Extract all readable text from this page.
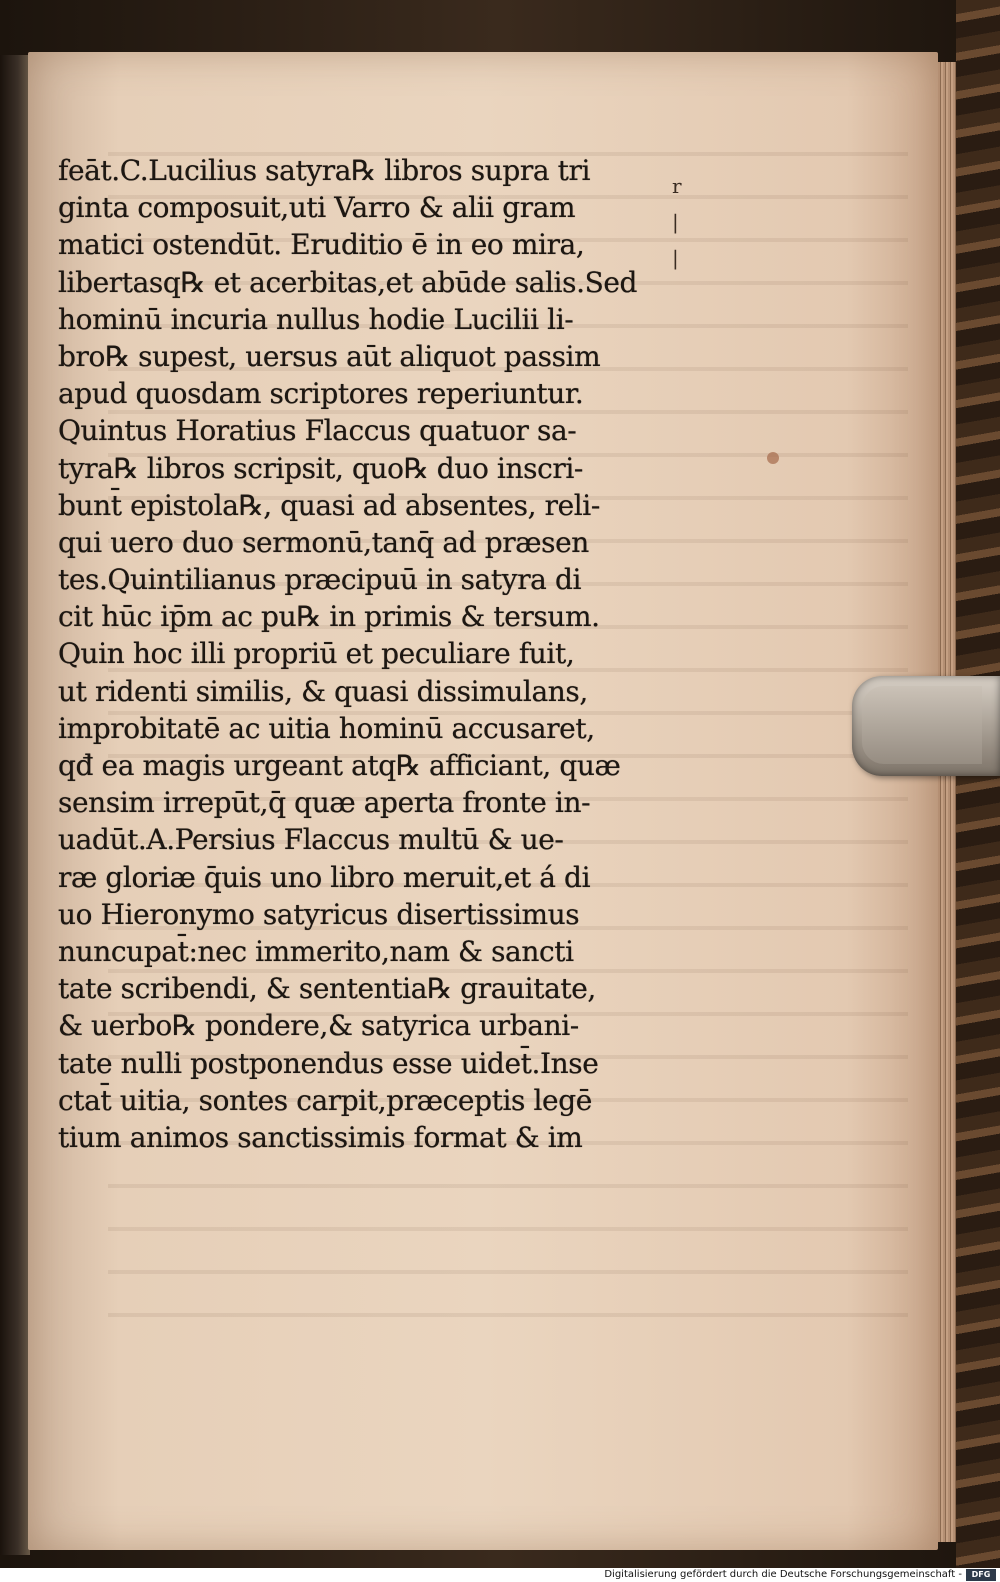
feāt.C.Lucilius satyra℞ libros supra tri
ginta composuit,uti Varro & alii gram
matici ostendūt. Eruditio ē in eo mira,
libertasq℞ et acerbitas,et abūde salis.Sed
hominū incuria nullus hodie Lucilii li-
bro℞ supest, uersus aūt aliquot passim
apud quosdam scriptores reperiuntur.
Quintus Horatius Flaccus quatuor sa-
tyra℞ libros scripsit, quo℞ duo inscri-
bunt̄ epistola℞, quasi ad absentes, reli-
qui uero duo sermonū,tanq̄ ad præsen
tes.Quintilianus præcipuū in satyra di
cit hūc ip̄m ac pu℞ in primis & tersum.
Quin hoc illi propriū et peculiare fuit,
ut ridenti similis, & quasi dissimulans,
improbitatē ac uitia hominū accusaret,
qđ ea magis urgeant atq℞ afficiant, quæ
sensim irrepūt,q̄ quæ aperta fronte in-
uadūt.A.Persius Flaccus multū & ue-
ræ gloriæ q̄uis uno libro meruit,et á di
uo Hieronymo satyricus disertissimus
nuncupat̄:nec immerito,nam & sancti
tate scribendi, & sententia℞ grauitate,
& uerbo℞ pondere,& satyrica urbani-
tate nulli postponendus esse uidet̄.Inse
ctat̄ uitia, sontes carpit,præceptis legē
tium animos sanctissimis format & im
r
|
|
Digitalisierung gefördert durch die Deutsche Forschungsgemeinschaft -	DFG
